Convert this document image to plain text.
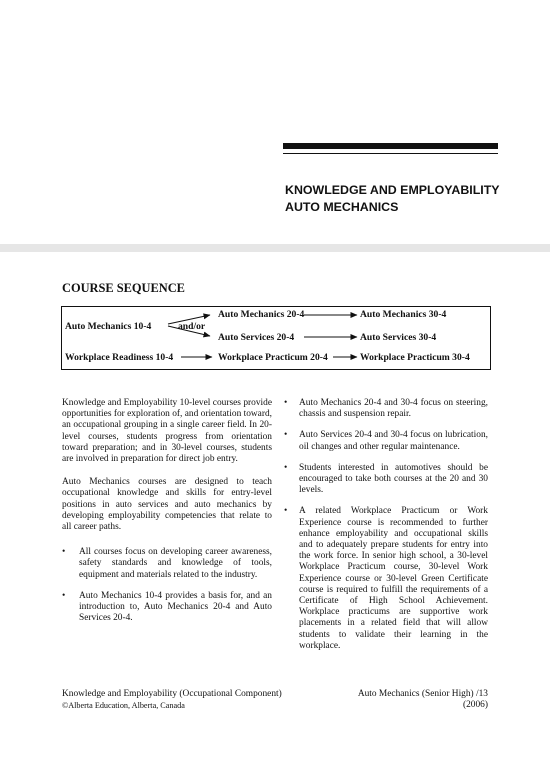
KNOWLEDGE AND EMPLOYABILITY
AUTO MECHANICS
COURSE SEQUENCE
Auto Mechanics 20-4	Auto Mechanics 30-4
Auto Mechanics 10-4	and/or
Auto Services 20-4	Auto Services 30-4
Workplace Readiness 10-4	Workplace Practicum 20-4	Workplace Practicum 30-4

Knowledge and Employability 10-level courses provide opportunities for exploration of, and orientation toward, an occupational grouping in a single career field. In 20-level courses, students progress from orientation toward preparation; and in 30-level courses, students are involved in preparation for direct job entry.

Auto Mechanics courses are designed to teach occupational knowledge and skills for entry-level positions in auto services and auto mechanics by developing employability competencies that relate to all career paths.

• All courses focus on developing career awareness, safety standards and knowledge of tools, equipment and materials related to the industry.
• Auto Mechanics 10-4 provides a basis for, and an introduction to, Auto Mechanics 20-4 and Auto Services 20-4.
• Auto Mechanics 20-4 and 30-4 focus on steering, chassis and suspension repair.
• Auto Services 20-4 and 30-4 focus on lubrication, oil changes and other regular maintenance.
• Students interested in automotives should be encouraged to take both courses at the 20 and 30 levels.
• A related Workplace Practicum or Work Experience course is recommended to further enhance employability and occupational skills and to adequately prepare students for entry into the work force. In senior high school, a 30-level Workplace Practicum course, 30-level Work Experience course or 30-level Green Certificate course is required to fulfill the requirements of a Certificate of High School Achievement. Workplace practicums are supportive work placements in a related field that will allow students to validate their learning in the workplace.
Knowledge and Employability (Occupational Component)
©Alberta Education, Alberta, Canada
Auto Mechanics (Senior High) /13
(2006)
